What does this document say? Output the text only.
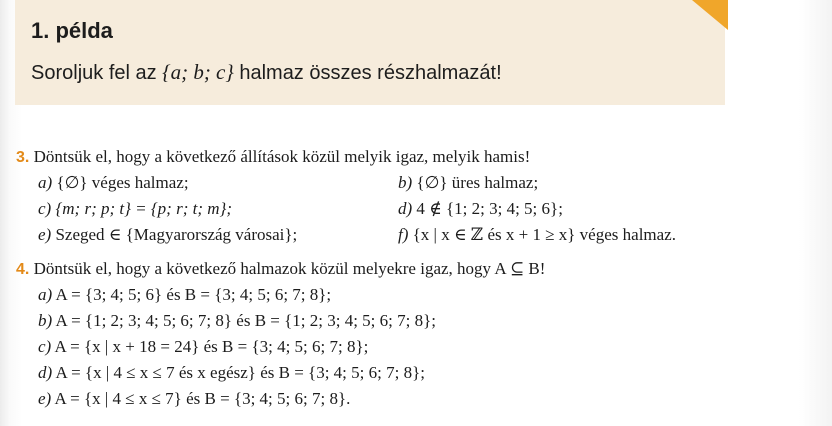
1. példa
Soroljuk fel az {a; b; c} halmaz összes részhalmazát!
3. Döntsük el, hogy a következő állítások közül melyik igaz, melyik hamis!
a) {∅} véges halmaz;	b) {∅} üres halmaz;
c) {m; r; p; t} = {p; r; t; m};	d) 4 ∉ {1; 2; 3; 4; 5; 6};
e) Szeged ∈ {Magyarország városai};	f) {x | x ∈ ℤ és x + 1 ≥ x} véges halmaz.
4. Döntsük el, hogy a következő halmazok közül melyekre igaz, hogy A ⊆ B!
a) A = {3; 4; 5; 6} és B = {3; 4; 5; 6; 7; 8};
b) A = {1; 2; 3; 4; 5; 6; 7; 8} és B = {1; 2; 3; 4; 5; 6; 7; 8};
c) A = {x | x + 18 = 24} és B = {3; 4; 5; 6; 7; 8};
d) A = {x | 4 ≤ x ≤ 7 és x egész} és B = {3; 4; 5; 6; 7; 8};
e) A = {x | 4 ≤ x ≤ 7} és B = {3; 4; 5; 6; 7; 8}.
